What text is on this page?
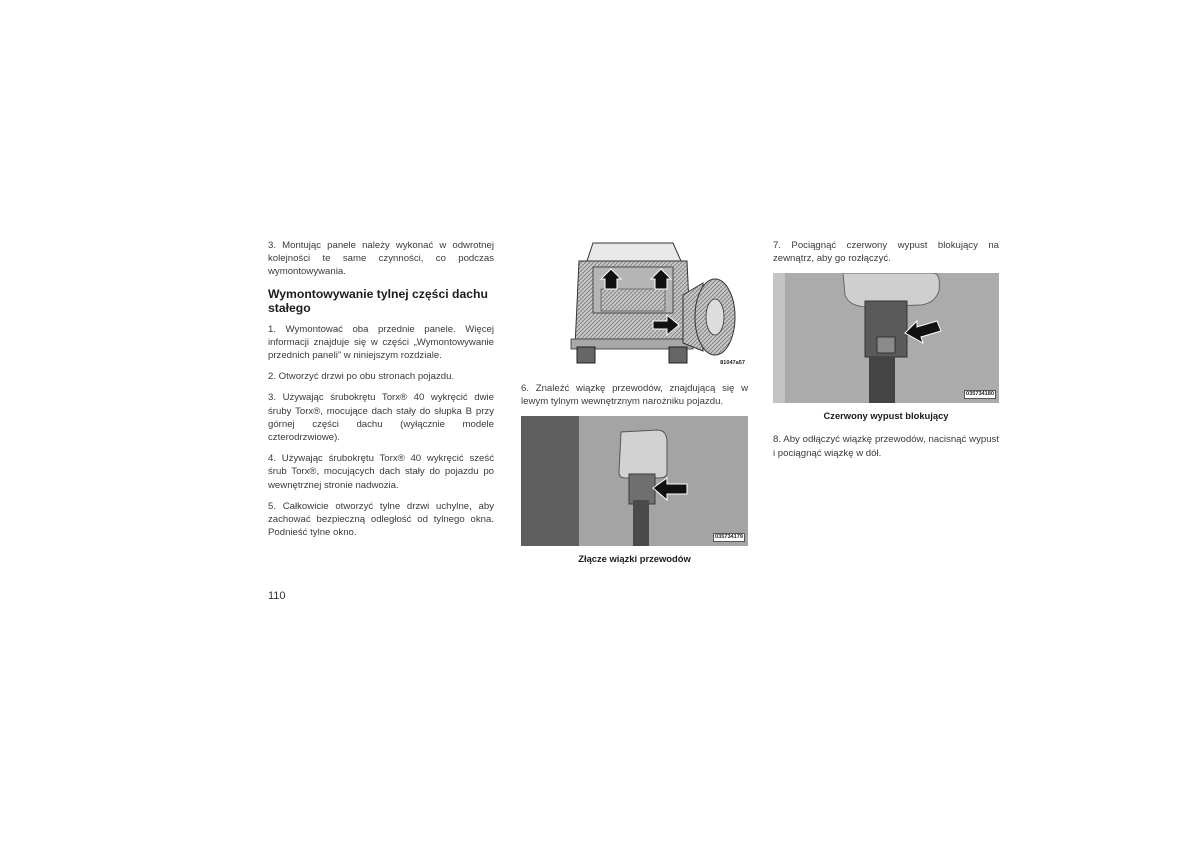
3. Montując panele należy wykonać w odwrotnej kolejności te same czynności, co podczas wymontowywania.

Wymontowywanie tylnej części dachu stałego

1. Wymontować oba przednie panele. Więcej informacji znajduje się w części „Wymontowywanie przednich paneli” w niniejszym rozdziale.

2. Otworzyć drzwi po obu stronach pojazdu.

3. Używając śrubokrętu Torx® 40 wykręcić dwie śruby Torx®, mocujące dach stały do słupka B przy górnej części dachu (wyłącznie modele czterodrzwiowe).

4. Używając śrubokrętu Torx® 40 wykręcić sześć śrub Torx®, mocujących dach stały do pojazdu po wewnętrznej stronie nadwozia.

5. Całkowicie otworzyć tylne drzwi uchylne, aby zachować bezpieczną odległość od tylnego okna. Podnieść tylne okno.

81047a57

6. Znaleźć wiązkę przewodów, znajdującą się w lewym tylnym wewnętrznym narożniku pojazdu.

035734179
Złącze wiązki przewodów

7. Pociągnąć czerwony wypust blokujący na zewnątrz, aby go rozłączyć.

035734180
Czerwony wypust blokujący

8. Aby odłączyć wiązkę przewodów, nacisnąć wypust i pociągnąć wiązkę w dół.

110
